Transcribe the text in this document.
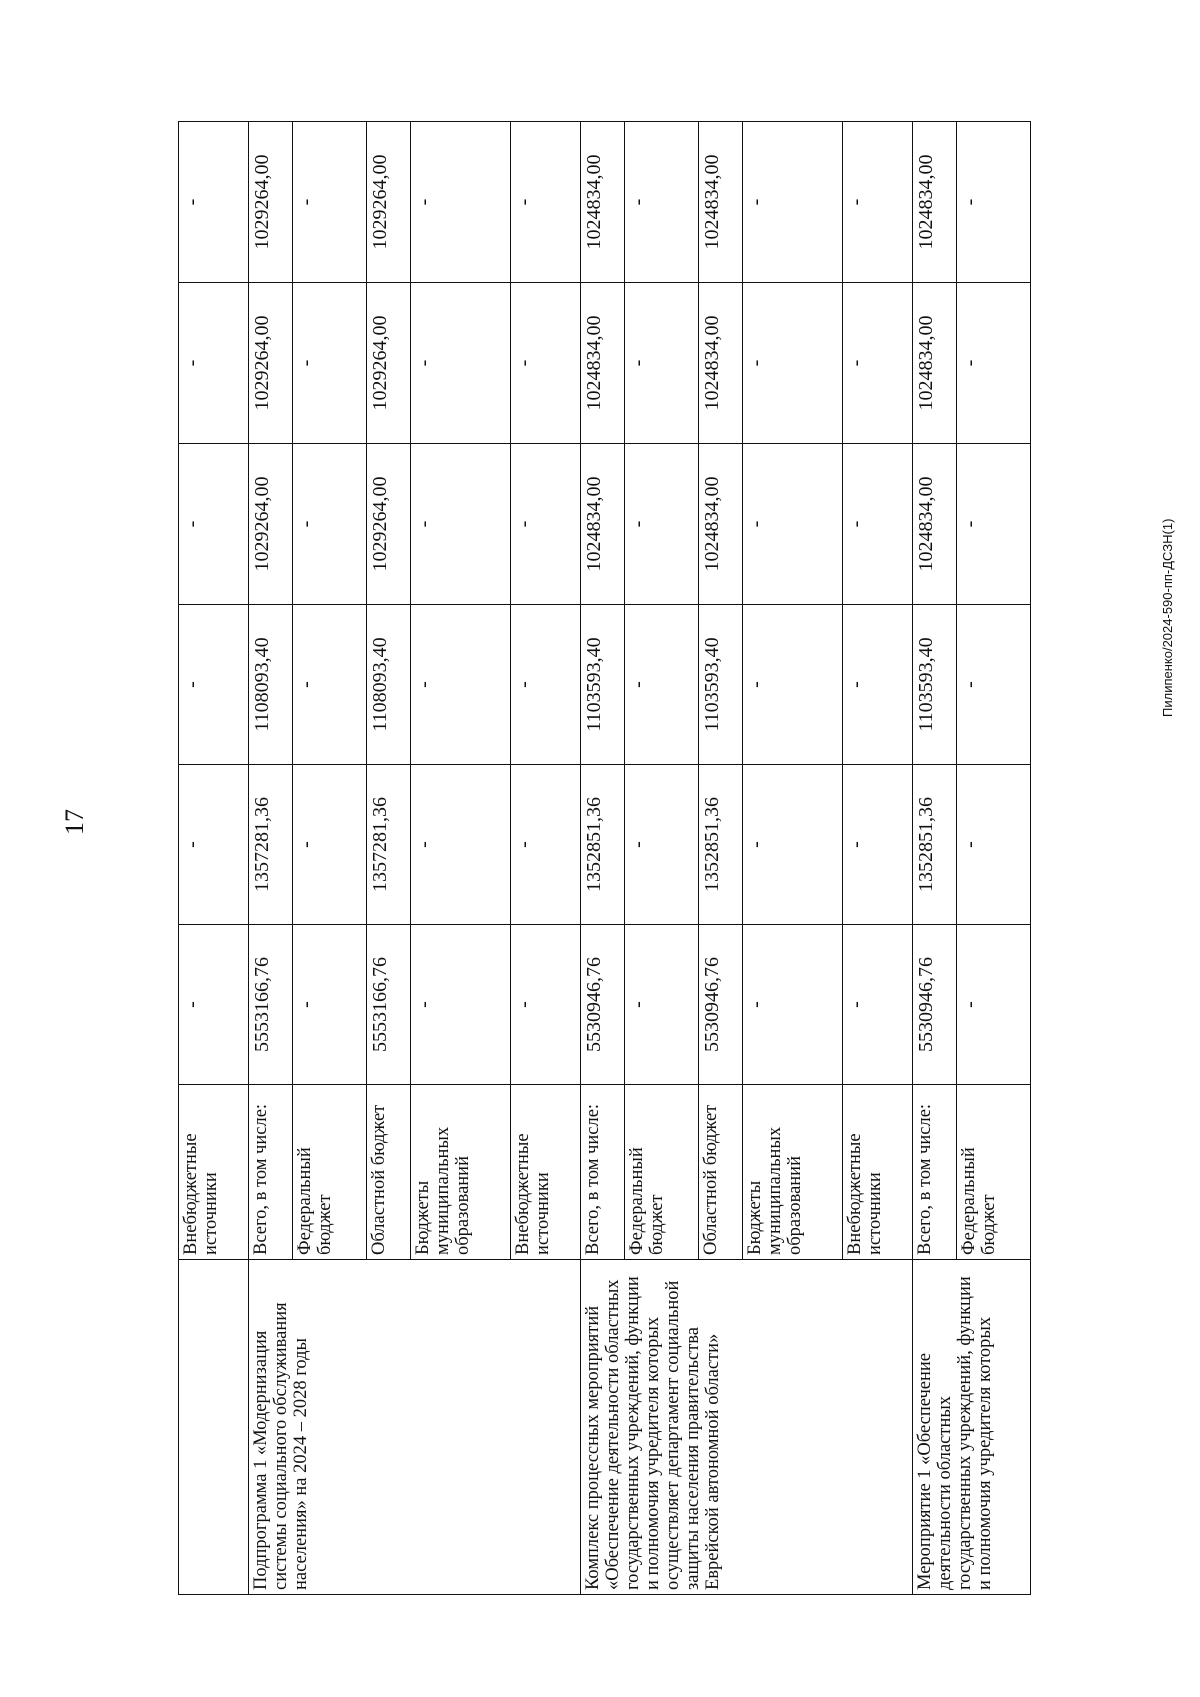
17
	Внебюджетные источники	-	-	-	-	-	-
Подпрограмма 1 «Модернизация системы социального обслуживания населения» на 2024 – 2028 годы	Всего, в том числе:	5553166,76	1357281,36	1108093,40	1029264,00	1029264,00	1029264,00
	Федеральный бюджет	-	-	-	-	-	-
	Областной бюджет	5553166,76	1357281,36	1108093,40	1029264,00	1029264,00	1029264,00
	Бюджеты муниципальных образований	-	-	-	-	-	-
	Внебюджетные источники	-	-	-	-	-	-
Комплекс процессных мероприятий «Обеспечение деятельности областных государственных учреждений, функции и полномочия учредителя которых осуществляет департамент социальной защиты населения правительства Еврейской автономной области»	Всего, в том числе:	5530946,76	1352851,36	1103593,40	1024834,00	1024834,00	1024834,00
	Федеральный бюджет	-	-	-	-	-	-
	Областной бюджет	5530946,76	1352851,36	1103593,40	1024834,00	1024834,00	1024834,00
	Бюджеты муниципальных образований	-	-	-	-	-	-
	Внебюджетные источники	-	-	-	-	-	-
Мероприятие 1 «Обеспечение деятельности областных государственных учреждений, функции и полномочия учредителя которых	Всего, в том числе:	5530946,76	1352851,36	1103593,40	1024834,00	1024834,00	1024834,00
	Федеральный бюджет	-	-	-	-	-	-
Пилипенко/2024-590-пп-ДСЗН(1)
